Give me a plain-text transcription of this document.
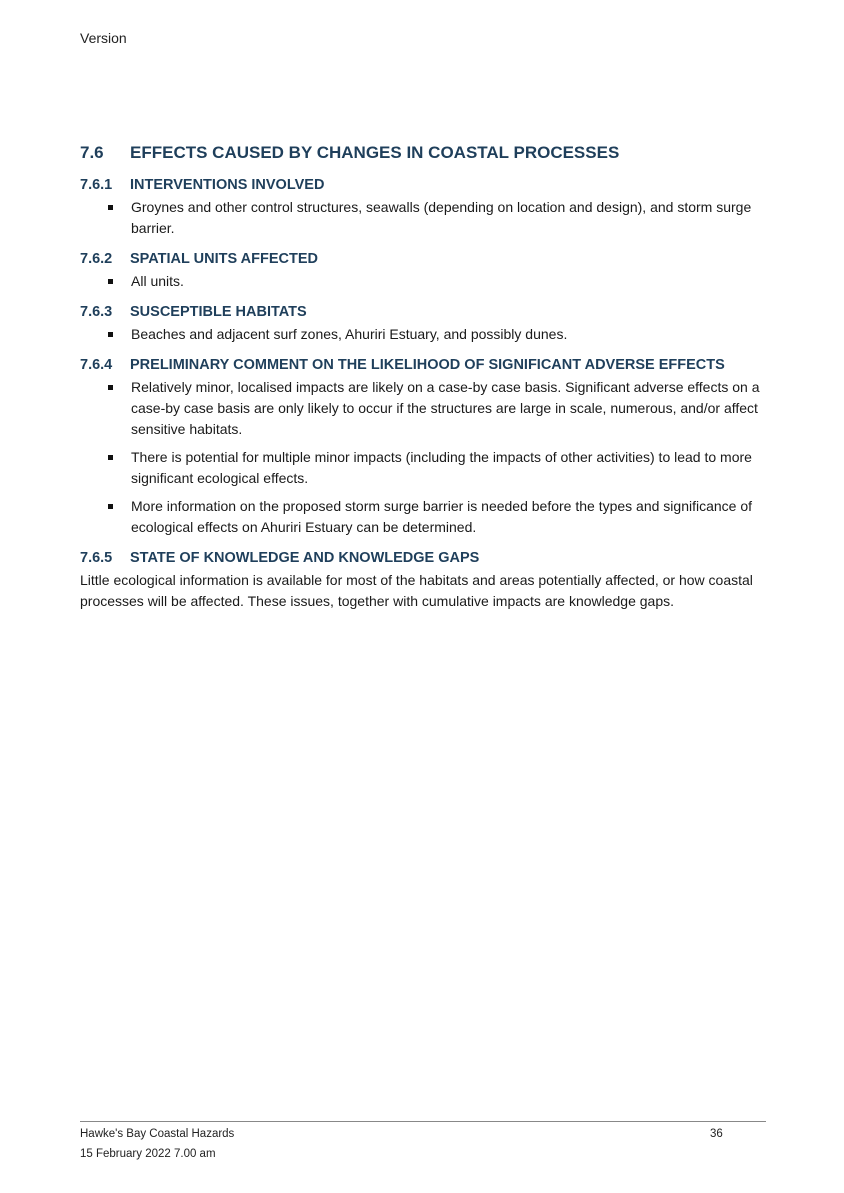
Version
7.6	EFFECTS CAUSED BY CHANGES IN COASTAL PROCESSES
7.6.1	INTERVENTIONS INVOLVED
Groynes and other control structures, seawalls (depending on location and design), and storm surge barrier.
7.6.2	SPATIAL UNITS AFFECTED
All units.
7.6.3	SUSCEPTIBLE HABITATS
Beaches and adjacent surf zones, Ahuriri Estuary, and possibly dunes.
7.6.4	PRELIMINARY COMMENT ON THE LIKELIHOOD OF SIGNIFICANT ADVERSE EFFECTS
Relatively minor, localised impacts are likely on a case-by case basis. Significant adverse effects on a case-by case basis are only likely to occur if the structures are large in scale, numerous, and/or affect sensitive habitats.
There is potential for multiple minor impacts (including the impacts of other activities) to lead to more significant ecological effects.
More information on the proposed storm surge barrier is needed before the types and significance of ecological effects on Ahuriri Estuary can be determined.
7.6.5	STATE OF KNOWLEDGE AND KNOWLEDGE GAPS

Little ecological information is available for most of the habitats and areas potentially affected, or how coastal processes will be affected. These issues, together with cumulative impacts are knowledge gaps.

Hawke's Bay Coastal Hazards	36
15 February 2022 7.00 am
